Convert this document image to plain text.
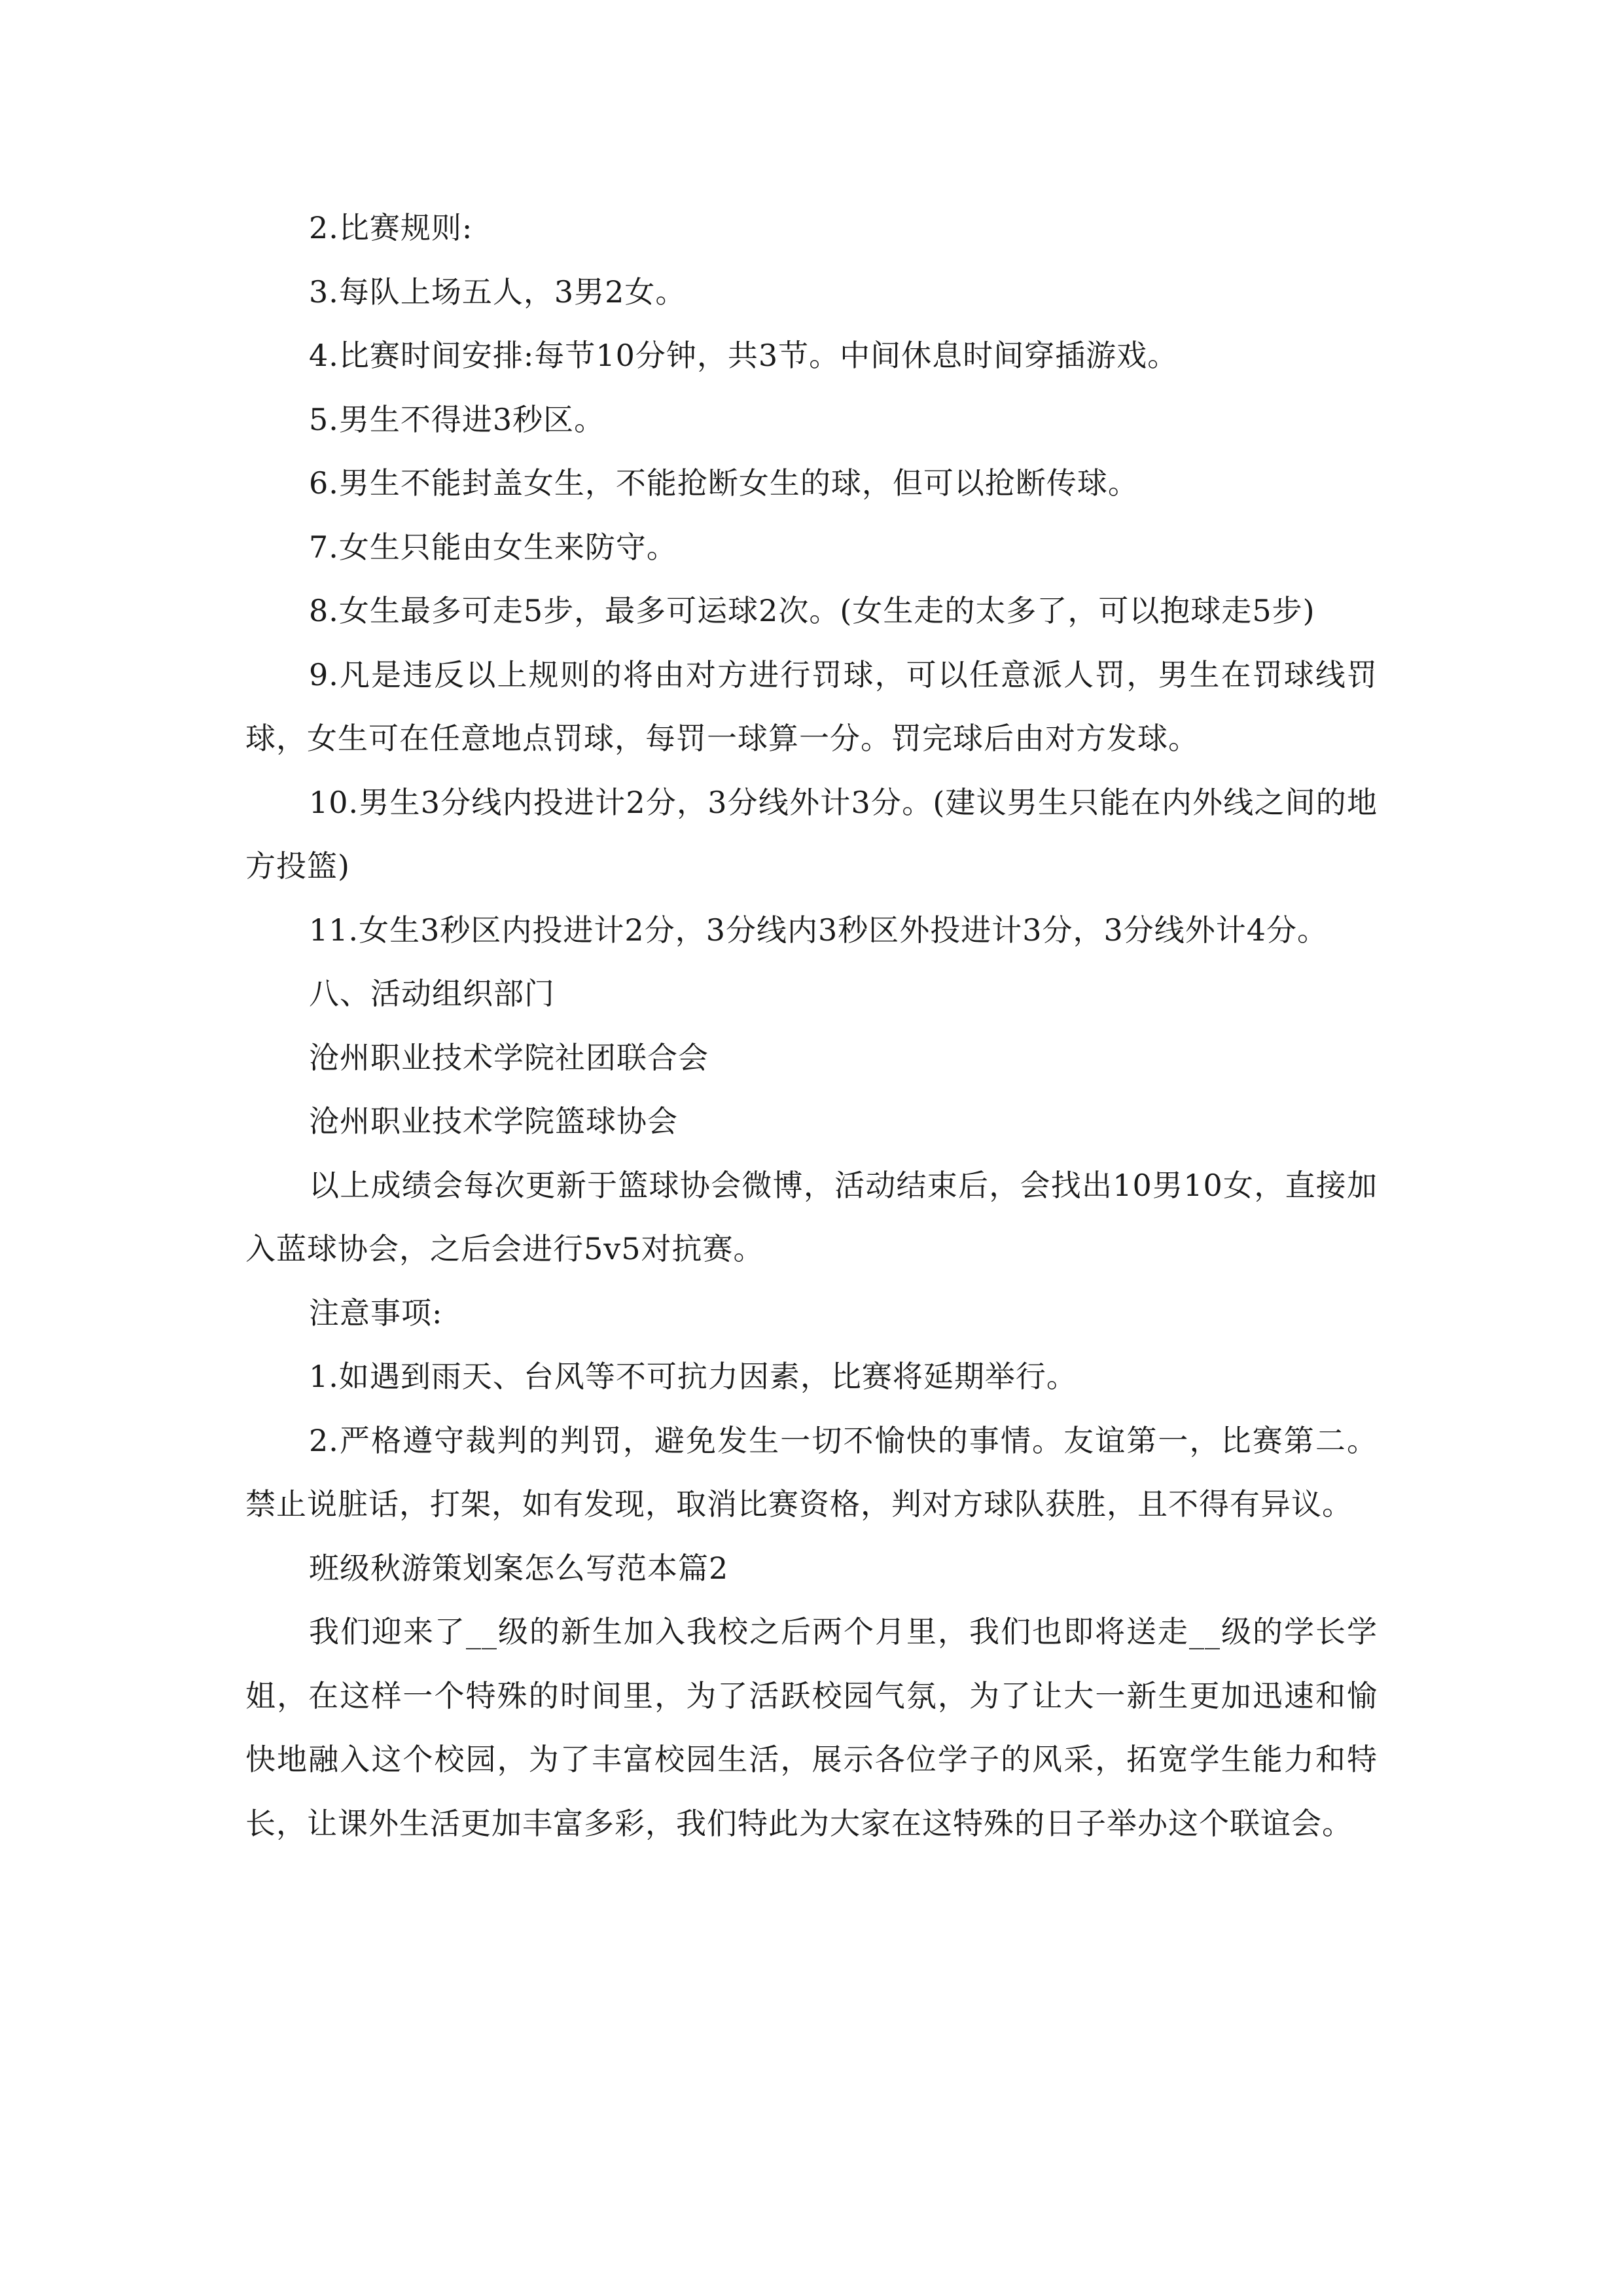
2.比赛规则:

3.每队上场五人，3男2女。

4.比赛时间安排:每节10分钟，共3节。中间休息时间穿插游戏。

5.男生不得进3秒区。

6.男生不能封盖女生，不能抢断女生的球，但可以抢断传球。

7.女生只能由女生来防守。

8.女生最多可走5步，最多可运球2次。(女生走的太多了，可以抱球走5步)

9.凡是违反以上规则的将由对方进行罚球，可以任意派人罚，男生在罚球线罚球，女生可在任意地点罚球，每罚一球算一分。罚完球后由对方发球。

10.男生3分线内投进计2分，3分线外计3分。(建议男生只能在内外线之间的地方投篮)

11.女生3秒区内投进计2分，3分线内3秒区外投进计3分，3分线外计4分。

八、活动组织部门

沧州职业技术学院社团联合会

沧州职业技术学院篮球协会

以上成绩会每次更新于篮球协会微博，活动结束后，会找出10男10女，直接加入蓝球协会，之后会进行5v5对抗赛。

注意事项:

1.如遇到雨天、台风等不可抗力因素，比赛将延期举行。

2.严格遵守裁判的判罚，避免发生一切不愉快的事情。友谊第一，比赛第二。禁止说脏话，打架，如有发现，取消比赛资格，判对方球队获胜，且不得有异议。

班级秋游策划案怎么写范本篇2

我们迎来了__级的新生加入我校之后两个月里，我们也即将送走__级的学长学姐，在这样一个特殊的时间里，为了活跃校园气氛，为了让大一新生更加迅速和愉快地融入这个校园，为了丰富校园生活，展示各位学子的风采，拓宽学生能力和特长，让课外生活更加丰富多彩，我们特此为大家在这特殊的日子举办这个联谊会。
